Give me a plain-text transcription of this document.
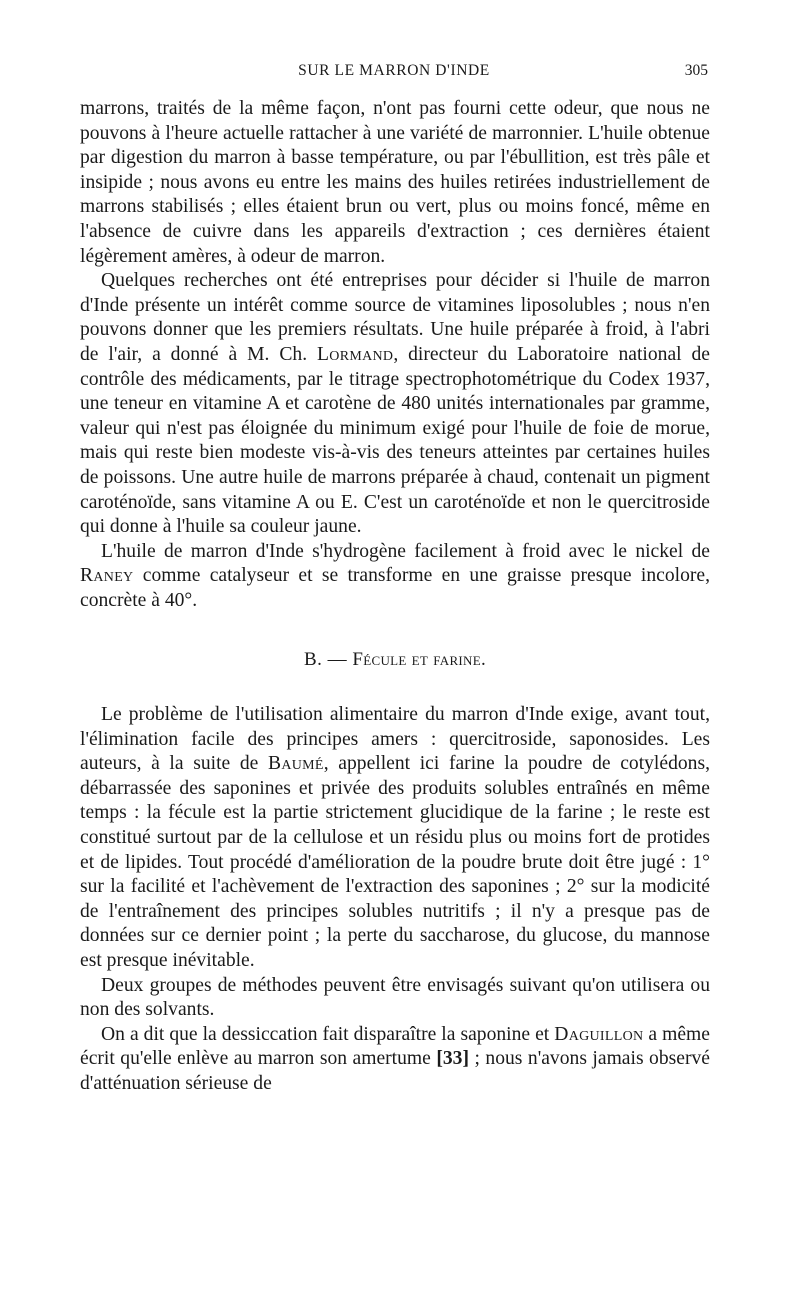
SUR LE MARRON D'INDE	305

marrons, traités de la même façon, n'ont pas fourni cette odeur, que nous ne pouvons à l'heure actuelle rattacher à une variété de marronnier. L'huile obtenue par digestion du marron à basse température, ou par l'ébullition, est très pâle et insipide ; nous avons eu entre les mains des huiles retirées industriellement de marrons stabilisés ; elles étaient brun ou vert, plus ou moins foncé, même en l'absence de cuivre dans les appareils d'extraction ; ces dernières étaient légèrement amères, à odeur de marron.

Quelques recherches ont été entreprises pour décider si l'huile de marron d'Inde présente un intérêt comme source de vitamines liposolubles ; nous n'en pouvons donner que les premiers résultats. Une huile préparée à froid, à l'abri de l'air, a donné à M. Ch. Lormand, directeur du Laboratoire national de contrôle des médicaments, par le titrage spectrophotométrique du Codex 1937, une teneur en vitamine A et carotène de 480 unités internationales par gramme, valeur qui n'est pas éloignée du minimum exigé pour l'huile de foie de morue, mais qui reste bien modeste vis-à-vis des teneurs atteintes par certaines huiles de poissons. Une autre huile de marrons préparée à chaud, contenait un pigment caroténoïde, sans vitamine A ou E. C'est un caroténoïde et non le quercitroside qui donne à l'huile sa couleur jaune.

L'huile de marron d'Inde s'hydrogène facilement à froid avec le nickel de Raney comme catalyseur et se transforme en une graisse presque incolore, concrète à 40°.

B. — Fécule et farine.

Le problème de l'utilisation alimentaire du marron d'Inde exige, avant tout, l'élimination facile des principes amers : quercitroside, saponosides. Les auteurs, à la suite de Baumé, appellent ici farine la poudre de cotylédons, débarrassée des saponines et privée des produits solubles entraînés en même temps : la fécule est la partie strictement glucidique de la farine ; le reste est constitué surtout par de la cellulose et un résidu plus ou moins fort de protides et de lipides. Tout procédé d'amélioration de la poudre brute doit être jugé : 1° sur la facilité et l'achèvement de l'extraction des saponines ; 2° sur la modicité de l'entraînement des principes solubles nutritifs ; il n'y a presque pas de données sur ce dernier point ; la perte du saccharose, du glucose, du mannose est presque inévitable.

Deux groupes de méthodes peuvent être envisagés suivant qu'on utilisera ou non des solvants.

On a dit que la dessiccation fait disparaître la saponine et Daguillon a même écrit qu'elle enlève au marron son amertume [33] ; nous n'avons jamais observé d'atténuation sérieuse de
